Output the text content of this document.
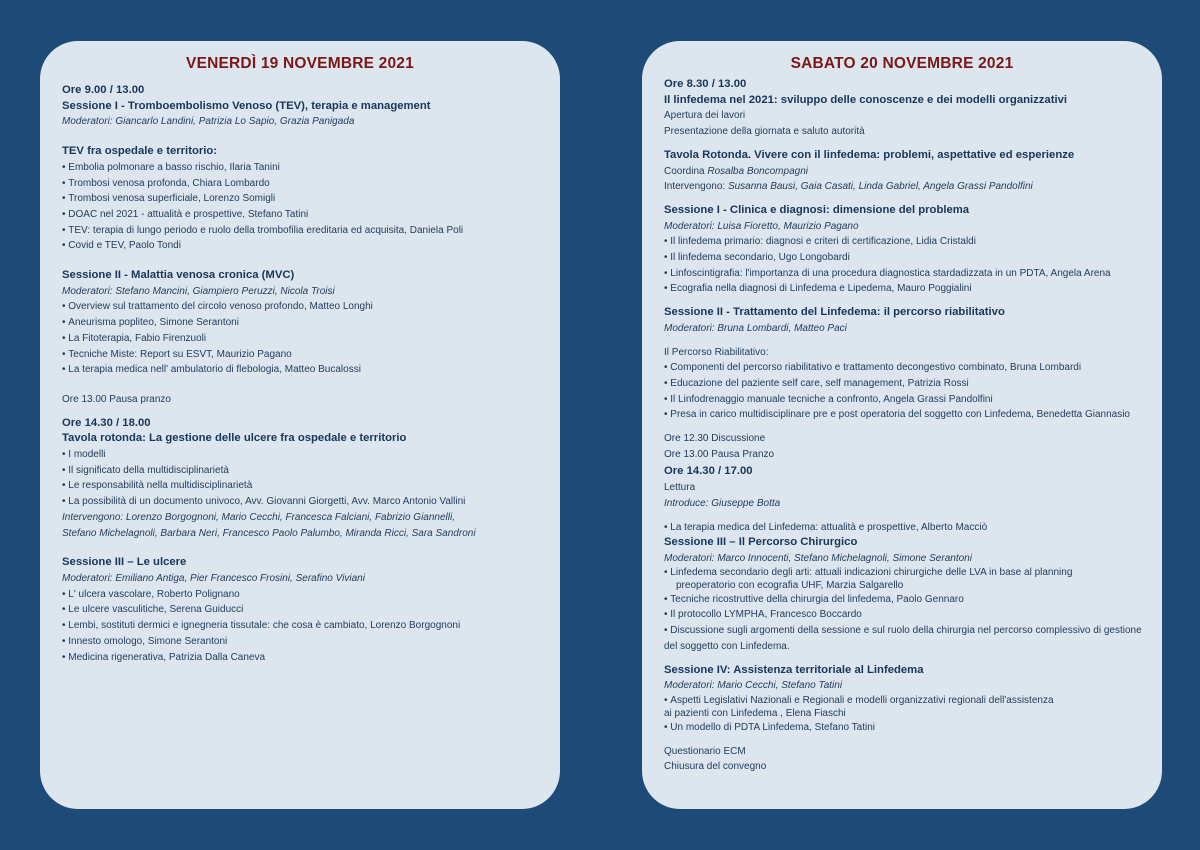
VENERDÌ 19 NOVEMBRE 2021
Ore 9.00 / 13.00
Sessione I - Tromboembolismo Venoso (TEV), terapia e management
Moderatori: Giancarlo Landini, Patrizia Lo Sapio, Grazia Panigada
TEV fra ospedale e territorio:
• Embolia polmonare a basso rischio, Ilaria Tanini
• Trombosi venosa profonda, Chiara Lombardo
• Trombosi venosa superficiale, Lorenzo Somigli
• DOAC nel 2021 - attualità e prospettive, Stefano Tatini
• TEV: terapia di lungo periodo e ruolo della trombofilia ereditaria ed acquisita, Daniela Poli
• Covid e TEV, Paolo Tondi
Sessione II - Malattia venosa cronica (MVC)
Moderatori: Stefano Mancini, Giampiero Peruzzi, Nicola Troisi
• Overview sul trattamento del circolo venoso profondo, Matteo Longhi
• Aneurisma popliteo, Simone Serantoni
• La Fitoterapia, Fabio Firenzuoli
• Tecniche Miste: Report su ESVT, Maurizio Pagano
• La terapia medica nell' ambulatorio di flebologia, Matteo Bucalossi
Ore 13.00 Pausa pranzo
Ore 14.30 / 18.00
Tavola rotonda: La gestione delle ulcere fra ospedale e territorio
• I modelli
• Il significato della multidisciplinarietà
• Le responsabilità nella multidisciplinarietà
• La possibilità di un documento univoco, Avv. Giovanni Giorgetti, Avv. Marco Antonio Vallini
Intervengono: Lorenzo Borgognoni, Mario Cecchi, Francesca Falciani, Fabrizio Giannelli,
Stefano Michelagnoli, Barbara Neri, Francesco Paolo Palumbo, Miranda Ricci, Sara Sandroni
Sessione III – Le ulcere
Moderatori: Emiliano Antiga, Pier Francesco Frosini, Serafino Viviani
• L' ulcera vascolare, Roberto Polignano
• Le ulcere vasculitiche, Serena Guiducci
• Lembi, sostituti dermici e ignegneria tissutale: che cosa è cambiato, Lorenzo Borgognoni
• Innesto omologo, Simone Serantoni
• Medicina rigenerativa, Patrizia Dalla Caneva
SABATO 20 NOVEMBRE 2021
Ore 8.30 / 13.00
Il linfedema nel 2021: sviluppo delle conoscenze e dei modelli organizzativi
Apertura dei lavori
Presentazione della giornata e saluto autorità
Tavola Rotonda. Vivere con il linfedema: problemi, aspettative ed esperienze
Coordina Rosalba Boncompagni
Intervengono: Susanna Bausi, Gaia Casati, Linda Gabriel, Angela Grassi Pandolfini
Sessione I - Clinica e diagnosi: dimensione del problema
Moderatori: Luisa Fioretto, Maurizio Pagano
• Il linfedema primario: diagnosi e criteri di certificazione, Lidia Cristaldi
• Il linfedema secondario, Ugo Longobardi
• Linfoscintigrafia: l'importanza di una procedura diagnostica stardadizzata in un PDTA, Angela Arena
• Ecografia nella diagnosi di Linfedema e Lipedema, Mauro Poggialini
Sessione II - Trattamento del Linfedema: il percorso riabilitativo
Moderatori: Bruna Lombardi, Matteo Paci
Il Percorso Riabilitativo:
• Componenti del percorso riabilitativo e trattamento decongestivo combinato, Bruna Lombardi
• Educazione del paziente self care, self management, Patrizia Rossi
• Il Linfodrenaggio manuale tecniche a confronto, Angela Grassi Pandolfini
• Presa in carico multidisciplinare pre e post operatoria del soggetto con Linfedema, Benedetta Giannasio
Ore 12.30 Discussione
Ore 13.00 Pausa Pranzo
Ore 14.30 / 17.00
Lettura
Introduce: Giuseppe Botta
• La terapia medica del Linfedema: attualità e prospettive, Alberto Macciò
Sessione III – Il Percorso Chirurgico
Moderatori: Marco Innocenti, Stefano Michelagnoli, Simone Serantoni
• Linfedema secondario degli arti: attuali indicazioni chirurgiche delle LVA in base al planning
preoperatorio con ecografia UHF, Marzia Salgarello
• Tecniche ricostruttive della chirurgia del linfedema, Paolo Gennaro
• Il protocollo LYMPHA, Francesco Boccardo
• Discussione sugli argomenti della sessione e sul ruolo della chirurgia nel percorso complessivo di gestione
del soggetto con Linfedema.
Sessione IV: Assistenza territoriale al Linfedema
Moderatori: Mario Cecchi, Stefano Tatini
• Aspetti Legislativi Nazionali e Regionali e modelli organizzativi regionali dell'assistenza
ai pazienti con Linfedema , Elena Fiaschi
• Un modello di PDTA Linfedema, Stefano Tatini
Questionario ECM
Chiusura del convegno
